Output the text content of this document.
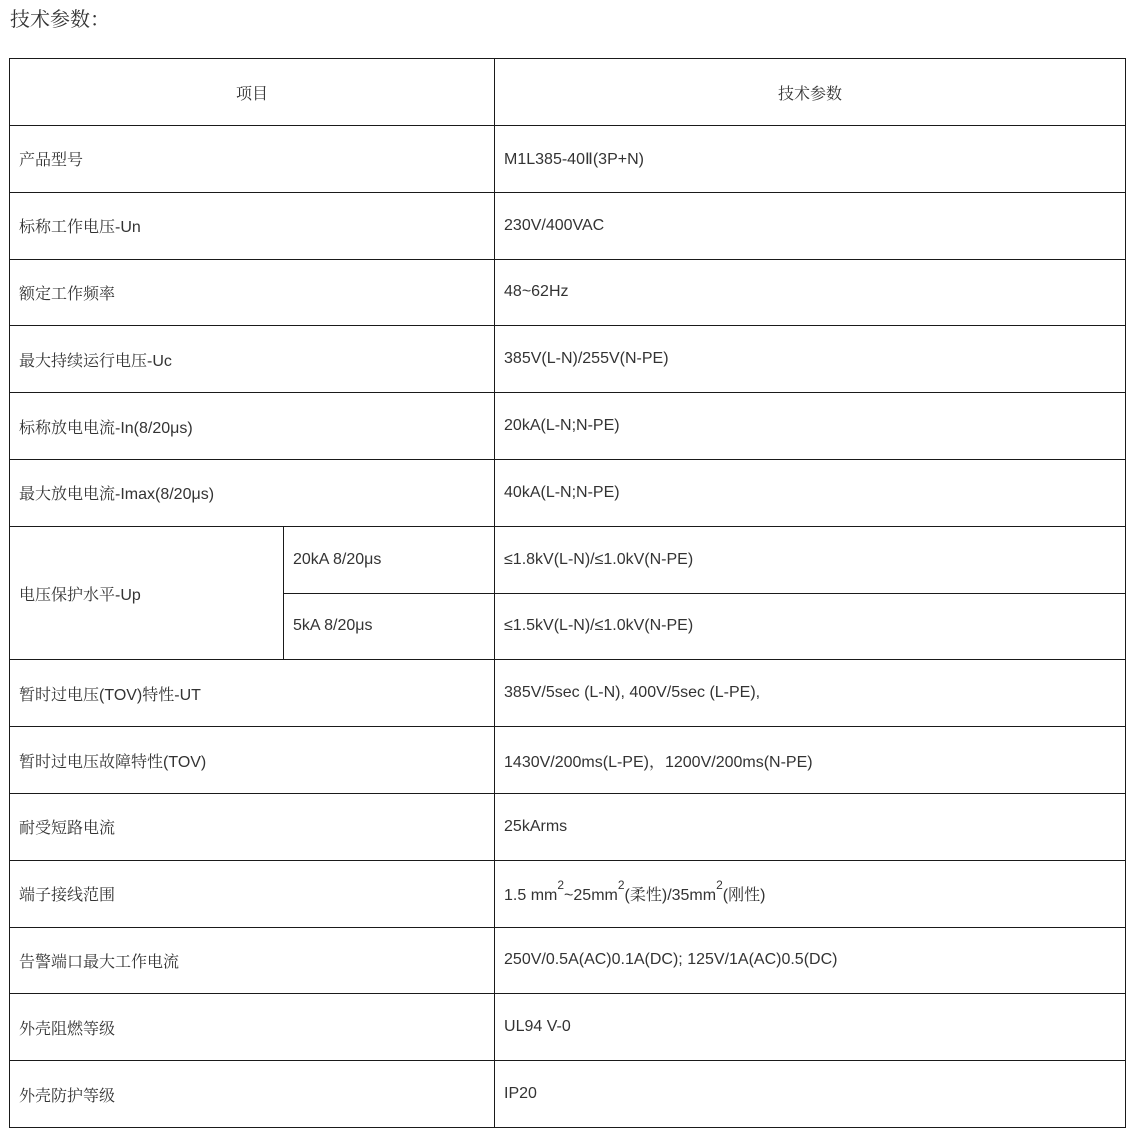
技术参数：
项目		技术参数
产品型号		M1L385-40Ⅱ(3P+N)
标称工作电压-Un		230V/400VAC
额定工作频率		48~62Hz
最大持续运行电压-Uc		385V(L-N)/255V(N-PE)
标称放电电流-In(8/20μs)		20kA(L-N;N-PE)
最大放电电流-Imax(8/20μs)		40kA(L-N;N-PE)
电压保护水平-Up	20kA 8/20μs	≤1.8kV(L-N)/≤1.0kV(N-PE)
	5kA 8/20μs	≤1.5kV(L-N)/≤1.0kV(N-PE)
暂时过电压(TOV)特性-UT		385V/5sec (L-N), 400V/5sec (L-PE),
暂时过电压故障特性(TOV)		1430V/200ms(L-PE)，1200V/200ms(N-PE)
耐受短路电流		25kArms
端子接线范围		1.5 $mm^2\sim 25mm^2$(柔性)$/35mm^2$(刚性)
告警端口最大工作电流		250V/0.5A(AC)0.1A(DC); 125V/1A(AC)0.5(DC)
外壳阻燃等级		UL94 V-0
外壳防护等级		IP20
